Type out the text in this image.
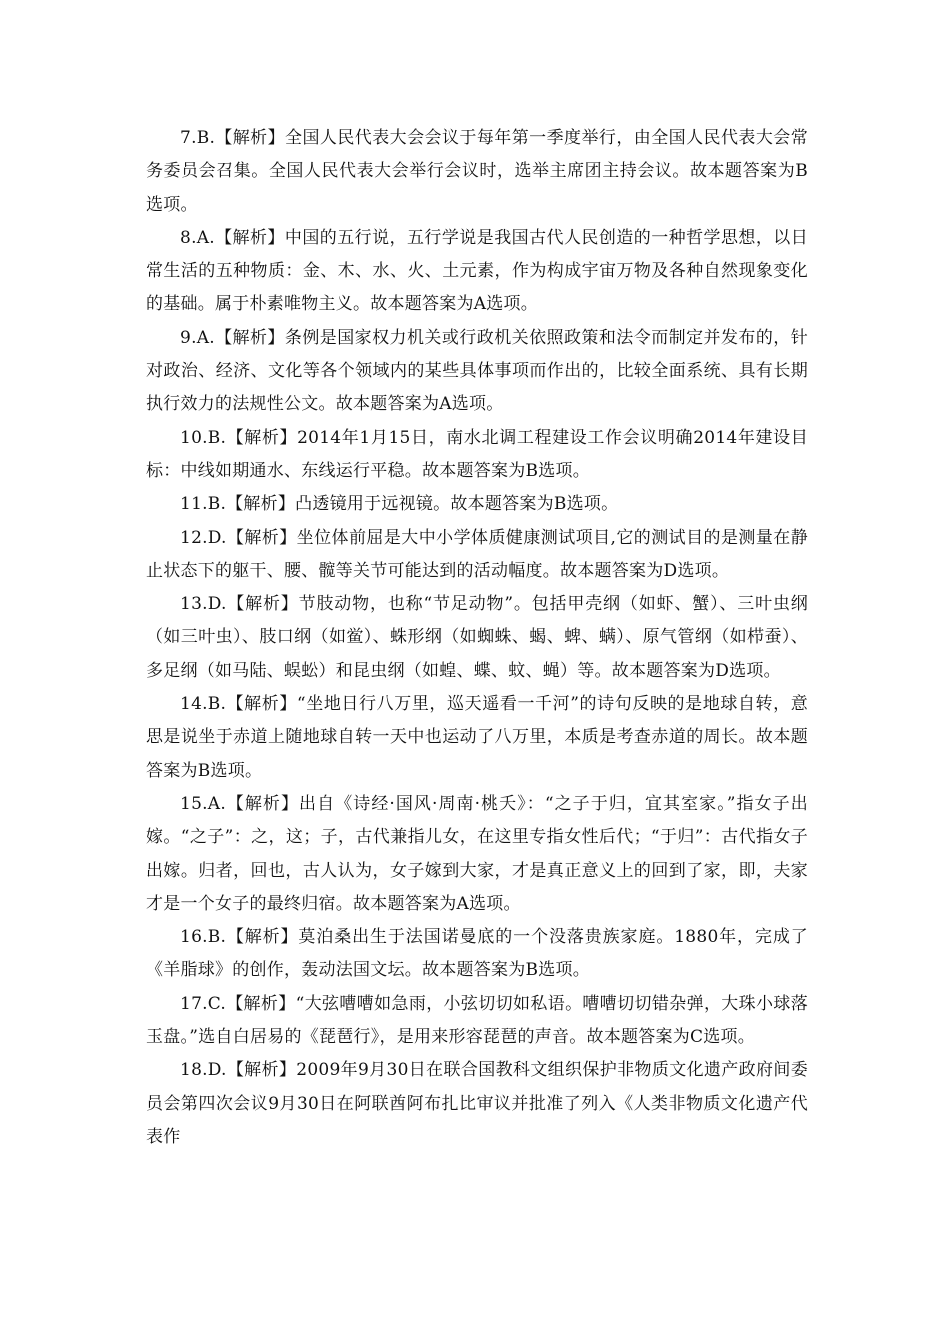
7.B.【解析】全国人民代表大会会议于每年第一季度举行，由全国人民代表大会常务委员会召集。全国人民代表大会举行会议时，选举主席团主持会议。故本题答案为B选项。

8.A.【解析】中国的五行说，五行学说是我国古代人民创造的一种哲学思想，以日常生活的五种物质：金、木、水、火、土元素，作为构成宇宙万物及各种自然现象变化的基础。属于朴素唯物主义。故本题答案为A选项。

9.A.【解析】条例是国家权力机关或行政机关依照政策和法令而制定并发布的，针对政治、经济、文化等各个领域内的某些具体事项而作出的，比较全面系统、具有长期执行效力的法规性公文。故本题答案为A选项。

10.B.【解析】2014年1月15日，南水北调工程建设工作会议明确2014年建设目标：中线如期通水、东线运行平稳。故本题答案为B选项。

11.B.【解析】凸透镜用于远视镜。故本题答案为B选项。

12.D.【解析】坐位体前屈是大中小学体质健康测试项目,它的测试目的是测量在静止状态下的躯干、腰、髋等关节可能达到的活动幅度。故本题答案为D选项。

13.D.【解析】节肢动物，也称“节足动物”。包括甲壳纲（如虾、蟹）、三叶虫纲（如三叶虫）、肢口纲（如鲎）、蛛形纲（如蜘蛛、蝎、蜱、螨）、原气管纲（如栉蚕）、多足纲（如马陆、蜈蚣）和昆虫纲（如蝗、蝶、蚊、蝇）等。故本题答案为D选项。

14.B.【解析】“坐地日行八万里，巡天遥看一千河”的诗句反映的是地球自转，意思是说坐于赤道上随地球自转一天中也运动了八万里，本质是考查赤道的周长。故本题答案为B选项。

15.A.【解析】出自《诗经·国风·周南·桃夭》：“之子于归，宜其室家。”指女子出嫁。“之子”：之，这；子，古代兼指儿女，在这里专指女性后代；“于归”：古代指女子出嫁。归者，回也，古人认为，女子嫁到大家，才是真正意义上的回到了家，即，夫家才是一个女子的最终归宿。故本题答案为A选项。

16.B.【解析】莫泊桑出生于法国诺曼底的一个没落贵族家庭。1880年，完成了《羊脂球》的创作，轰动法国文坛。故本题答案为B选项。

17.C.【解析】“大弦嘈嘈如急雨，小弦切切如私语。嘈嘈切切错杂弹，大珠小球落玉盘。”选自白居易的《琵琶行》，是用来形容琵琶的声音。故本题答案为C选项。

18.D.【解析】2009年9月30日在联合国教科文组织保护非物质文化遗产政府间委员会第四次会议9月30日在阿联酋阿布扎比审议并批准了列入《人类非物质文化遗产代表作
